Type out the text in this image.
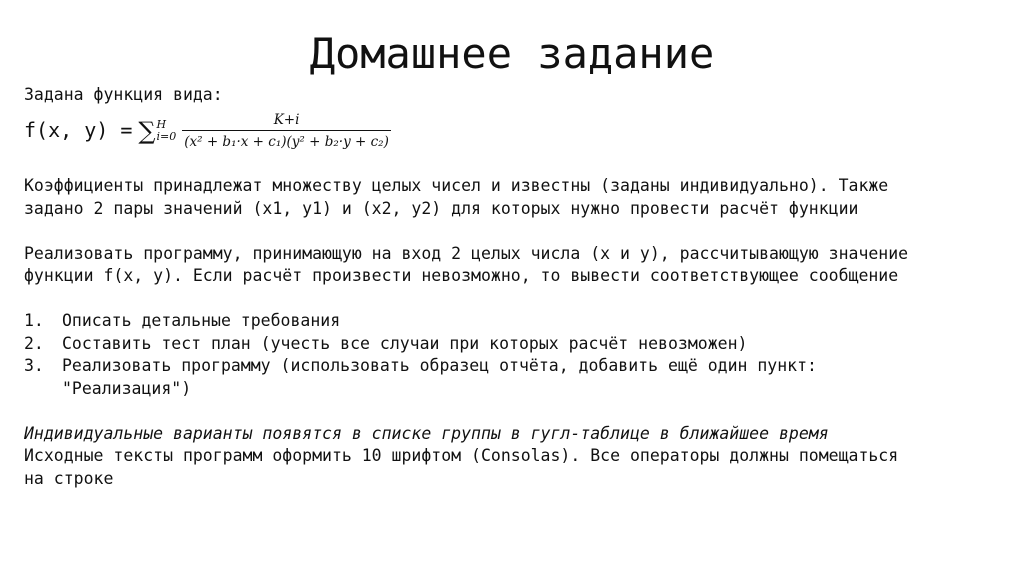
Домашнее задание
Задана функция вида:
f(x, y) = ∑ H
$i=0 \frac{K+i}{\text{(x² + b₁·x + c₁)(y² + b₂·y + c₂)}}$
Коэффициенты принадлежат множеству целых чисел и известны (заданы индивидуально). Также
задано 2 пары значений (x1, y1) и (x2, y2) для которых нужно провести расчёт функции
Реализовать программу, принимающую на вход 2 целых числа (x и y), рассчитывающую значение
функции f(x, y). Если расчёт произвести невозможно, то вывести соответствующее сообщение
1.	Описать детальные требования
2.	Составить тест план (учесть все случаи при которых расчёт невозможен)
3.	Реализовать программу (использовать образец отчёта, добавить ещё один пункт:
"Реализация")
Индивидуальные варианты появятся в списке группы в гугл-таблице в ближайшее время
Исходные тексты программ оформить 10 шрифтом (Consolas). Все операторы должны помещаться
на строке
